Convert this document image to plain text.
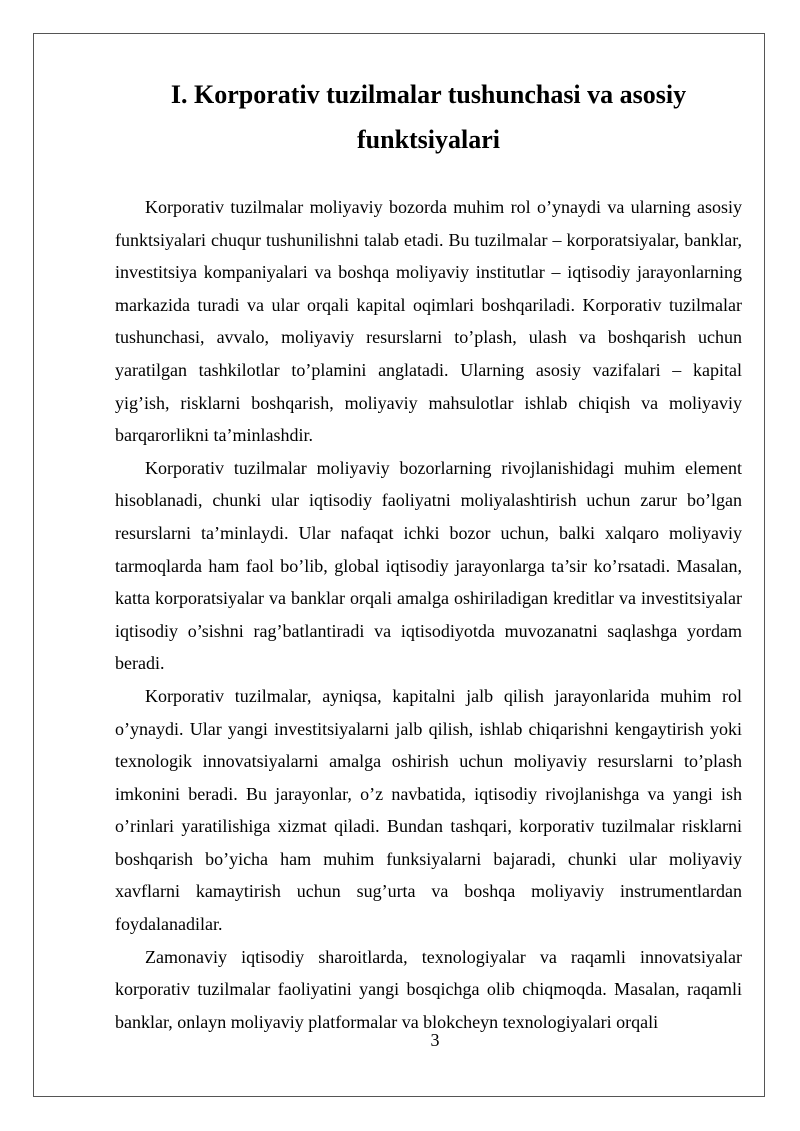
I. Korporativ tuzilmalar tushunchasi va asosiy funktsiyalari

Korporativ tuzilmalar moliyaviy bozorda muhim rol o’ynaydi va ularning asosiy funktsiyalari chuqur tushunilishni talab etadi. Bu tuzilmalar – korporatsiyalar, banklar, investitsiya kompaniyalari va boshqa moliyaviy institutlar – iqtisodiy jarayonlarning markazida turadi va ular orqali kapital oqimlari boshqariladi. Korporativ tuzilmalar tushunchasi, avvalo, moliyaviy resurslarni to’plash, ulash va boshqarish uchun yaratilgan tashkilotlar to’plamini anglatadi. Ularning asosiy vazifalari – kapital yig’ish, risklarni boshqarish, moliyaviy mahsulotlar ishlab chiqish va moliyaviy barqarorlikni ta’minlashdir.

Korporativ tuzilmalar moliyaviy bozorlarning rivojlanishidagi muhim element hisoblanadi, chunki ular iqtisodiy faoliyatni moliyalashtirish uchun zarur bo’lgan resurslarni ta’minlaydi. Ular nafaqat ichki bozor uchun, balki xalqaro moliyaviy tarmoqlarda ham faol bo’lib, global iqtisodiy jarayonlarga ta’sir ko’rsatadi. Masalan, katta korporatsiyalar va banklar orqali amalga oshiriladigan kreditlar va investitsiyalar iqtisodiy o’sishni rag’batlantiradi va iqtisodiyotda muvozanatni saqlashga yordam beradi.

Korporativ tuzilmalar, ayniqsa, kapitalni jalb qilish jarayonlarida muhim rol o’ynaydi. Ular yangi investitsiyalarni jalb qilish, ishlab chiqarishni kengaytirish yoki texnologik innovatsiyalarni amalga oshirish uchun moliyaviy resurslarni to’plash imkonini beradi. Bu jarayonlar, o’z navbatida, iqtisodiy rivojlanishga va yangi ish o’rinlari yaratilishiga xizmat qiladi. Bundan tashqari, korporativ tuzilmalar risklarni boshqarish bo’yicha ham muhim funksiyalarni bajaradi, chunki ular moliyaviy xavflarni kamaytirish uchun sug’urta va boshqa moliyaviy instrumentlardan foydalanadilar.

Zamonaviy iqtisodiy sharoitlarda, texnologiyalar va raqamli innovatsiyalar korporativ tuzilmalar faoliyatini yangi bosqichga olib chiqmoqda. Masalan, raqamli banklar, onlayn moliyaviy platformalar va blokcheyn texnologiyalari orqali

3
